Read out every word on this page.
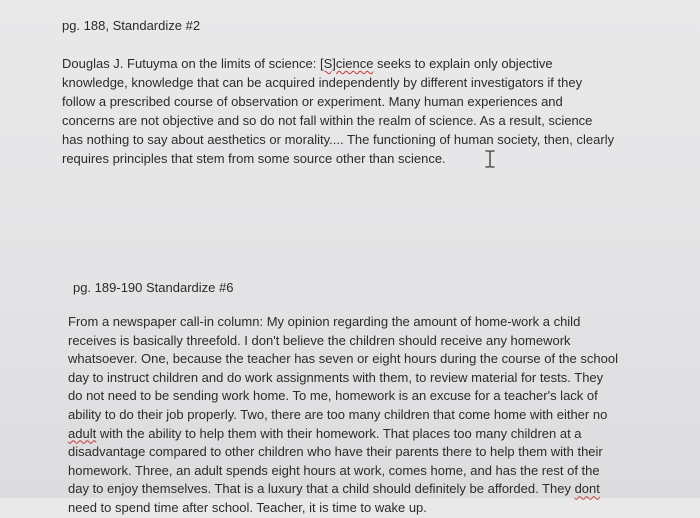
pg. 188, Standardize #2

Douglas J. Futuyma on the limits of science: [S]cience seeks to explain only objective
knowledge, knowledge that can be acquired independently by different investigators if they
follow a prescribed course of observation or experiment. Many human experiences and
concerns are not objective and so do not fall within the realm of science. As a result, science
has nothing to say about aesthetics or morality.... The functioning of human society, then, clearly
requires principles that stem from some source other than science.

pg. 189-190 Standardize #6

From a newspaper call-in column: My opinion regarding the amount of home-work a child
receives is basically threefold. I don't believe the children should receive any homework
whatsoever. One, because the teacher has seven or eight hours during the course of the school
day to instruct children and do work assignments with them, to review material for tests. They
do not need to be sending work home. To me, homework is an excuse for a teacher's lack of
ability to do their job properly. Two, there are too many children that come home with either no
adult with the ability to help them with their homework. That places too many children at a
disadvantage compared to other children who have their parents there to help them with their
homework. Three, an adult spends eight hours at work, comes home, and has the rest of the
day to enjoy themselves. That is a luxury that a child should definitely be afforded. They dont
need to spend time after school. Teacher, it is time to wake up.
